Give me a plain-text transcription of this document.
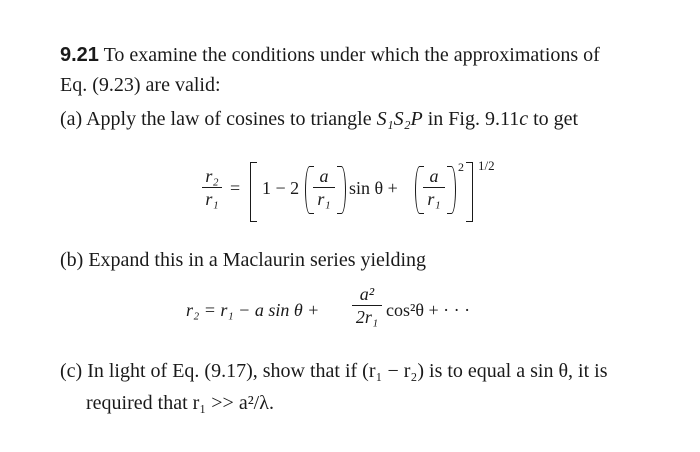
9.21 To examine the conditions under which the approximations of
Eq. (9.23) are valid:
(a) Apply the law of cosines to triangle S₁S₂P in Fig. 9.11c to get
r₂
r₁
= 1 − 2
a
r₁
sin θ +
a
r₁
2 1/2
(b) Expand this in a Maclaurin series yielding
r₂ = r₁ − a sin θ +
a²
2r₁ cos²θ + · · ·
(c) In light of Eq. (9.17), show that if (r₁ − r₂) is to equal a sin θ, it is
required that r₁ >> a²/λ.
